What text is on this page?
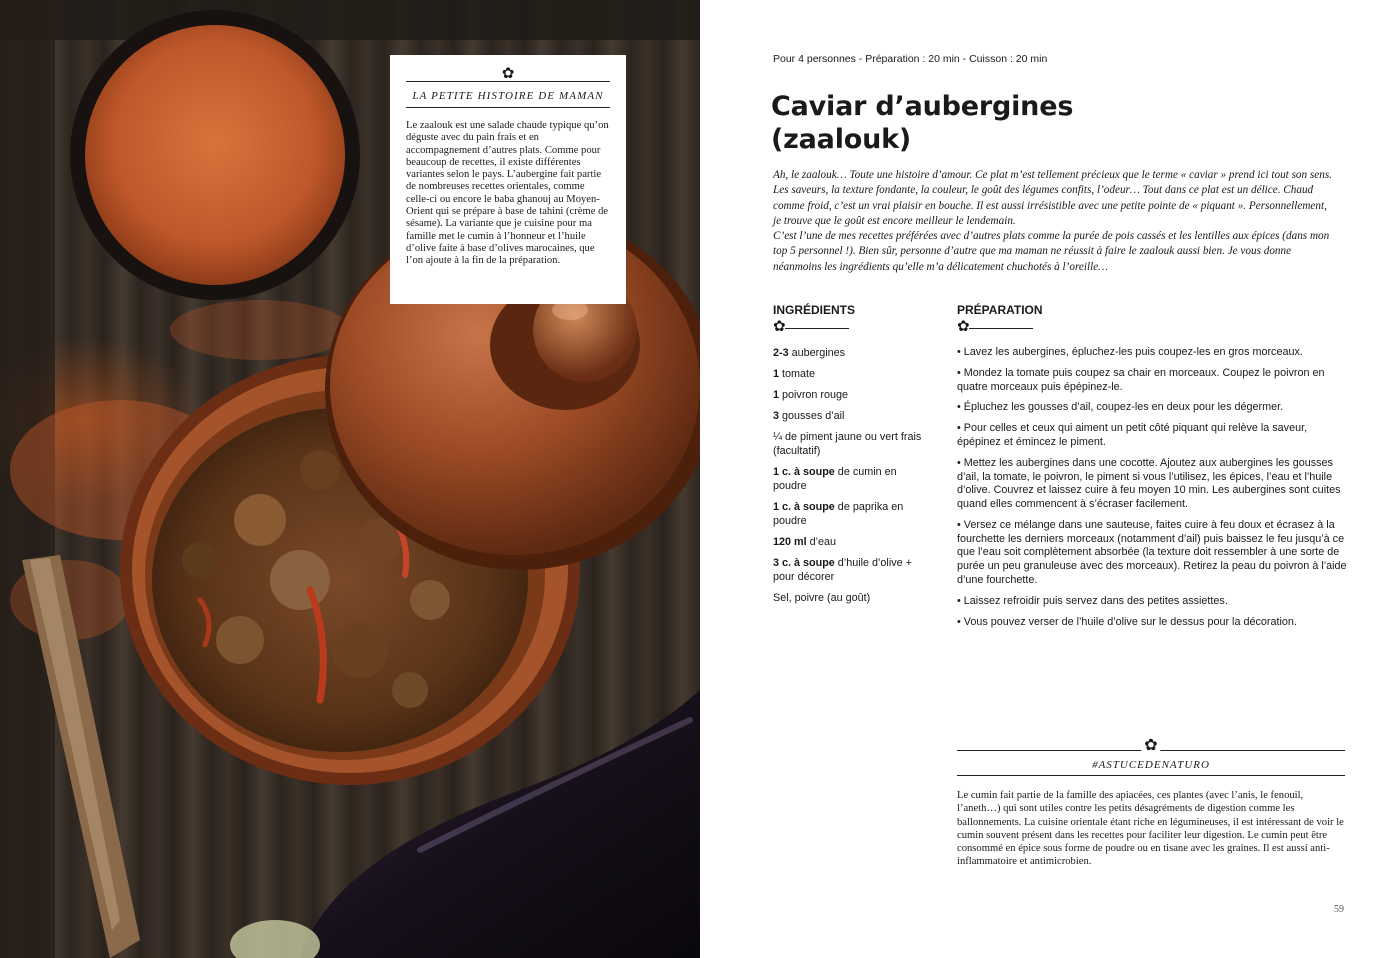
✿
LA PETITE HISTOIRE DE MAMAN
Le zaalouk est une salade chaude typique qu’on déguste avec du pain frais et en accompagnement d’autres plats. Comme pour beaucoup de recettes, il existe différentes variantes selon le pays. L’aubergine fait partie de nombreuses recettes orientales, comme celle-ci ou encore le baba ghanouj au Moyen-Orient qui se prépare à base de tahini (crème de sésame). La variante que je cuisine pour ma famille met le cumin à l’honneur et l’huile d’olive faite à base d’olives marocaines, que l’on ajoute à la fin de la préparation.
Pour 4 personnes - Préparation : 20 min - Cuisson : 20 min
Caviar d’aubergines
(zaalouk)

Ah, le zaalouk… Toute une histoire d’amour. Ce plat m’est tellement précieux que le terme « caviar » prend ici tout son sens. Les saveurs, la texture fondante, la couleur, le goût des légumes confits, l’odeur… Tout dans ce plat est un délice. Chaud comme froid, c’est un vrai plaisir en bouche. Il est aussi irrésistible avec une petite pointe de « piquant ». Personnellement, je trouve que le goût est encore meilleur le lendemain.

C’est l’une de mes recettes préférées avec d’autres plats comme la purée de pois cassés et les lentilles aux épices (dans mon top 5 personnel !). Bien sûr, personne d’autre que ma maman ne réussit à faire le zaalouk aussi bien. Je vous donne néanmoins les ingrédients qu’elle m’a délicatement chuchotés à l’oreille…

INGRÉDIENTS
✿
PRÉPARATION
✿
2-3 aubergines
1 tomate
1 poivron rouge
3 gousses d’ail
¼ de piment jaune ou vert frais (facultatif)
1 c. à soupe de cumin en poudre
1 c. à soupe de paprika en poudre
120 ml d’eau
3 c. à soupe d’huile d’olive + pour décorer
Sel, poivre (au goût)
• Lavez les aubergines, épluchez-les puis coupez-les en gros morceaux.
• Mondez la tomate puis coupez sa chair en morceaux. Coupez le poivron en quatre morceaux puis épépinez-le.
• Épluchez les gousses d’ail, coupez-les en deux pour les dégermer.
• Pour celles et ceux qui aiment un petit côté piquant qui relève la saveur, épépinez et émincez le piment.
• Mettez les aubergines dans une cocotte. Ajoutez aux aubergines les gousses d’ail, la tomate, le poivron, le piment si vous l’utilisez, les épices, l’eau et l’huile d’olive. Couvrez et laissez cuire à feu moyen 10 min. Les aubergines sont cuites quand elles commencent à s’écraser facilement.
• Versez ce mélange dans une sauteuse, faites cuire à feu doux et écrasez à la fourchette les derniers morceaux (notamment d’ail) puis baissez le feu jusqu’à ce que l’eau soit complètement absorbée (la texture doit ressembler à une sorte de purée un peu granuleuse avec des morceaux). Retirez la peau du poivron à l’aide d’une fourchette.
• Laissez refroidir puis servez dans des petites assiettes.
• Vous pouvez verser de l’huile d’olive sur le dessus pour la décoration.
✿
#ASTUCEDENATURO
Le cumin fait partie de la famille des apiacées, ces plantes (avec l’anis, le fenouil, l’aneth…) qui sont utiles contre les petits désagréments de digestion comme les ballonnements. La cuisine orientale étant riche en légumineuses, il est intéressant de voir le cumin souvent présent dans les recettes pour faciliter leur digestion. Le cumin peut être consommé en épice sous forme de poudre ou en tisane avec les graines. Il est aussi anti-inflammatoire et antimicrobien.
59
